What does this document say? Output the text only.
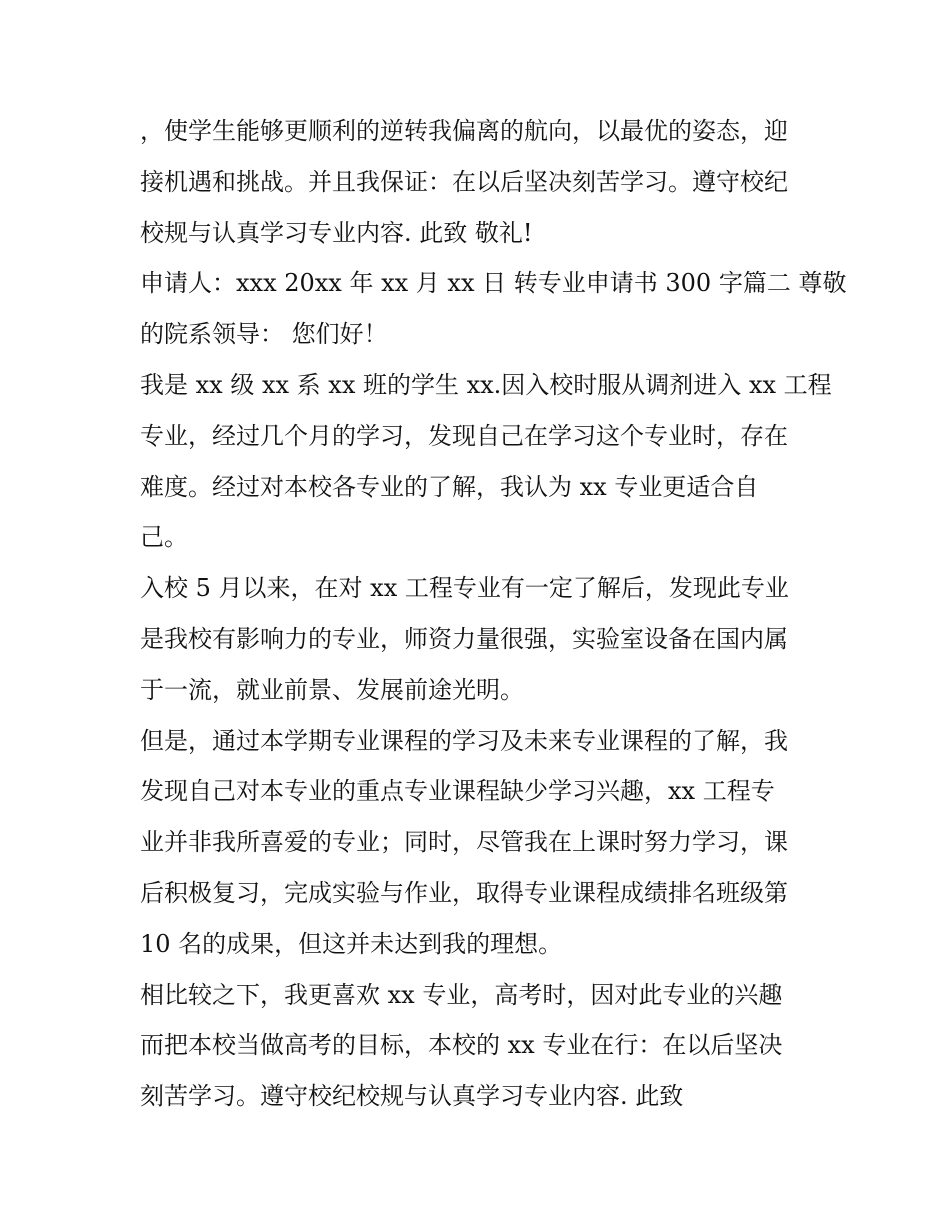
，使学生能够更顺利的逆转我偏离的航向，以最优的姿态，迎
接机遇和挑战。并且我保证：在以后坚决刻苦学习。遵守校纪
校规与认真学习专业内容. 此致 敬礼!
申请人：xxx 20xx 年 xx 月 xx 日 转专业申请书 300 字篇二 尊敬
的院系领导： 您们好！
我是 xx 级 xx 系 xx 班的学生 xx.因入校时服从调剂进入 xx 工程
专业，经过几个月的学习，发现自己在学习这个专业时，存在
难度。经过对本校各专业的了解，我认为 xx 专业更适合自
己。
入校 5 月以来，在对 xx 工程专业有一定了解后，发现此专业
是我校有影响力的专业，师资力量很强，实验室设备在国内属
于一流，就业前景、发展前途光明。
但是，通过本学期专业课程的学习及未来专业课程的了解，我
发现自己对本专业的重点专业课程缺少学习兴趣，xx 工程专
业并非我所喜爱的专业；同时，尽管我在上课时努力学习，课
后积极复习，完成实验与作业，取得专业课程成绩排名班级第
10 名的成果，但这并未达到我的理想。
相比较之下，我更喜欢 xx 专业，高考时，因对此专业的兴趣
而把本校当做高考的目标，本校的 xx 专业在行：在以后坚决
刻苦学习。遵守校纪校规与认真学习专业内容. 此致
